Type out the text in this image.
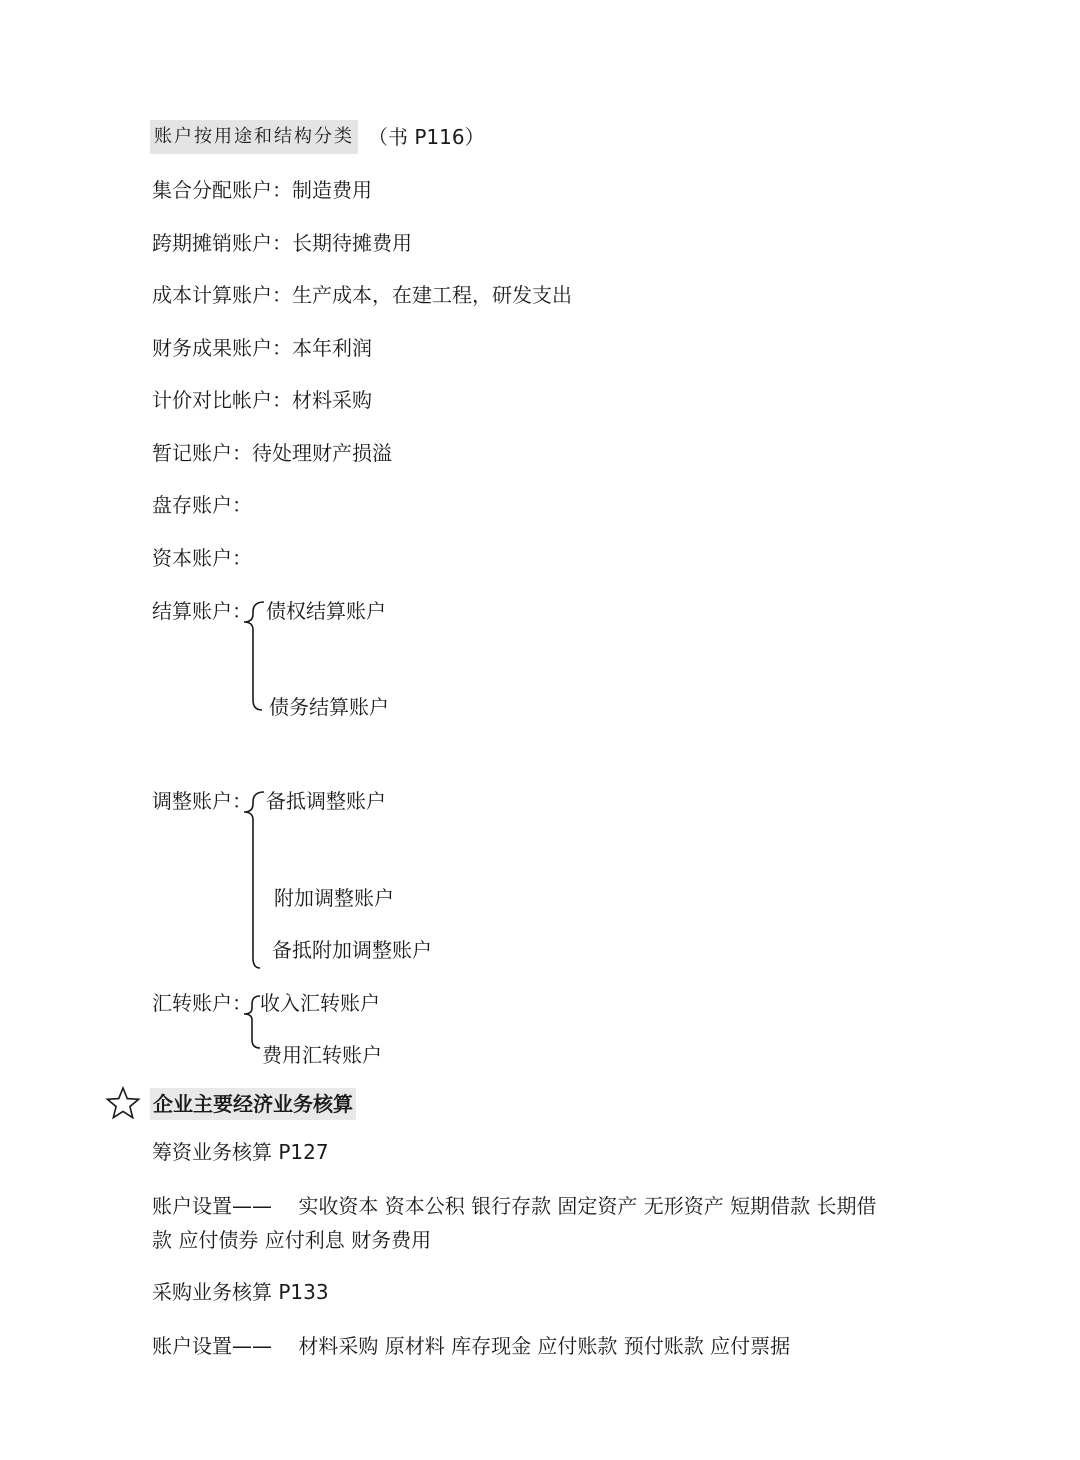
账户按用途和结构分类 （书 P116）
集合分配账户：制造费用
跨期摊销账户：长期待摊费用
成本计算账户：生产成本，在建工程，研发支出
财务成果账户：本年利润
计价对比帐户：材料采购
暂记账户：待处理财产损溢
盘存账户：
资本账户：
结算账户： 债权结算账户
债务结算账户
调整账户： 备抵调整账户
附加调整账户
备抵附加调整账户
汇转账户： 收入汇转账户
费用汇转账户
企业主要经济业务核算
筹资业务核算 P127
账户设置——　 实收资本 资本公积 银行存款 固定资产 无形资产 短期借款 长期借
款 应付债券 应付利息 财务费用
采购业务核算 P133
账户设置——　 材料采购 原材料 库存现金 应付账款 预付账款 应付票据
